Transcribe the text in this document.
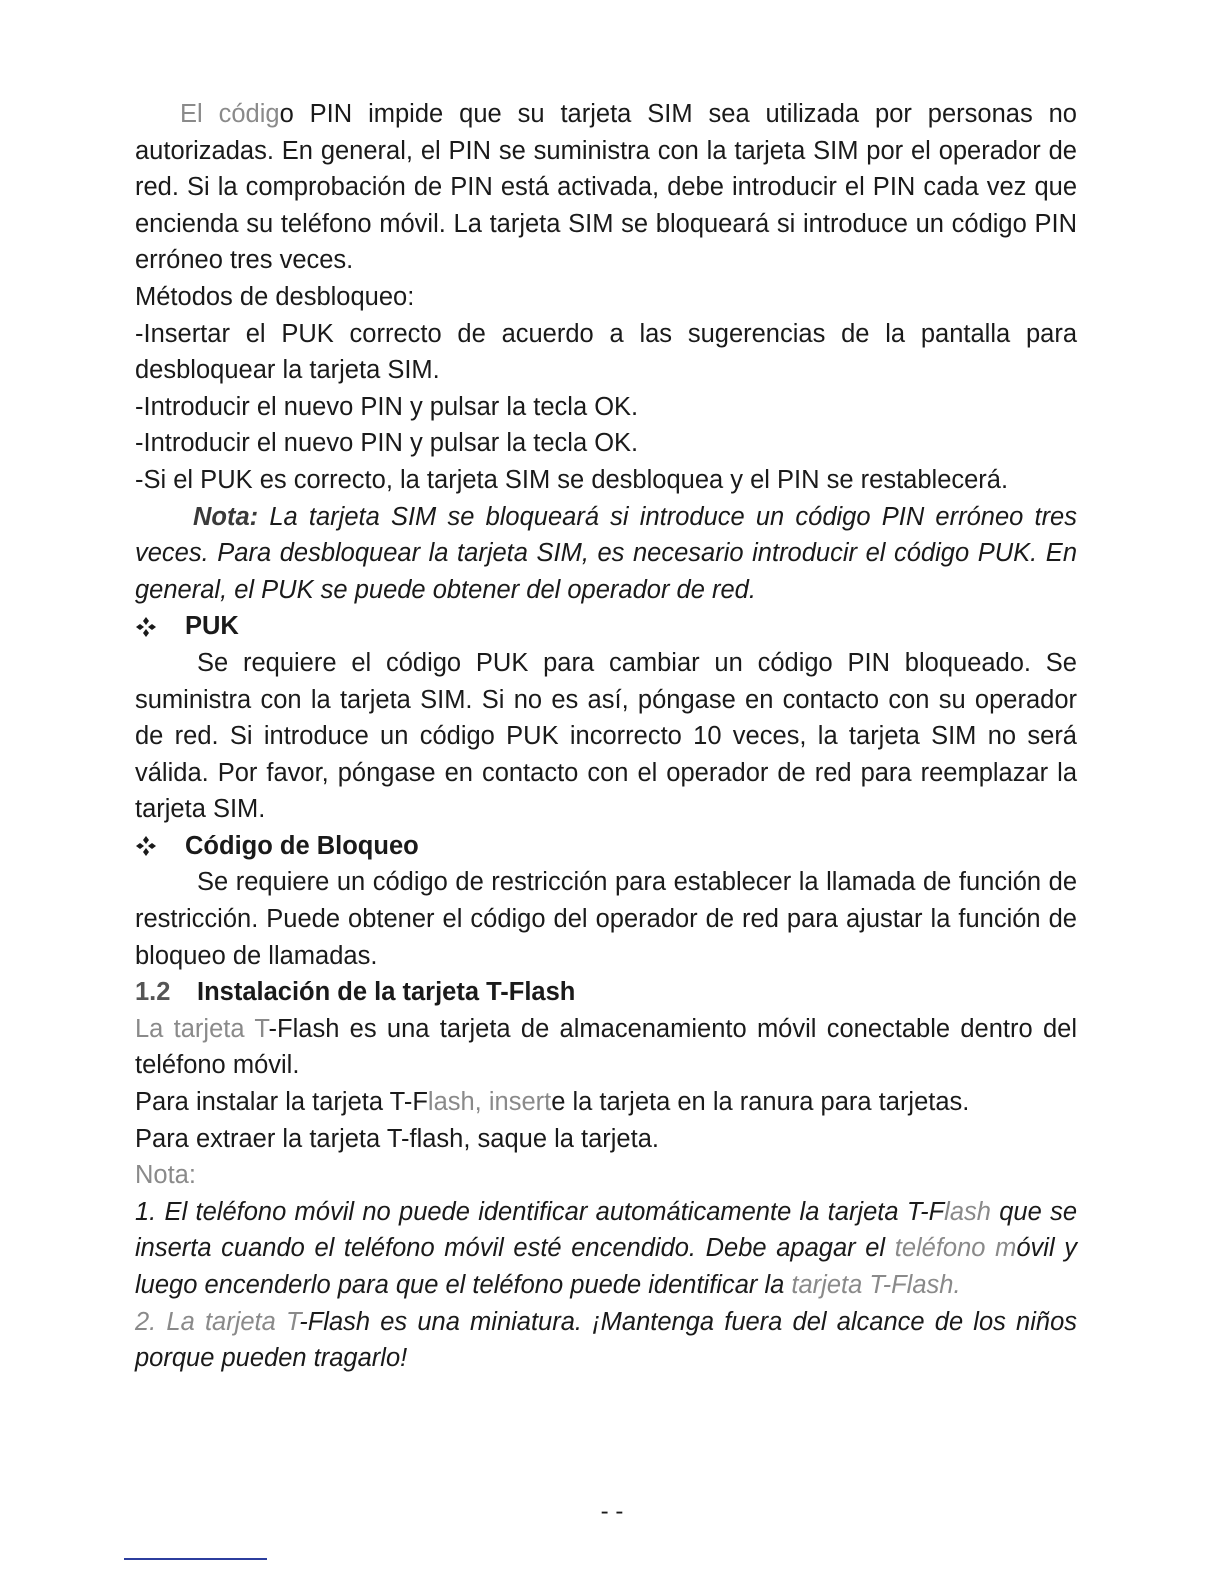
El código PIN impide que su tarjeta SIM sea utilizada por personas no autorizadas. En general, el PIN se suministra con la tarjeta SIM por el operador de red. Si la comprobación de PIN está activada, debe introducir el PIN cada vez que encienda su teléfono móvil. La tarjeta SIM se bloqueará si introduce un código PIN erróneo tres veces.

Métodos de desbloqueo:

-Insertar el PUK correcto de acuerdo a las sugerencias de la pantalla para desbloquear la tarjeta SIM.

-Introducir el nuevo PIN y pulsar la tecla OK.

-Introducir el nuevo PIN y pulsar la tecla OK.

-Si el PUK es correcto, la tarjeta SIM se desbloquea y el PIN se restablecerá.

Nota: La tarjeta SIM se bloqueará si introduce un código PIN erróneo tres veces. Para desbloquear la tarjeta SIM, es necesario introducir el código PUK. En general, el PUK se puede obtener del operador de red.

PUK

Se requiere el código PUK para cambiar un código PIN bloqueado. Se suministra con la tarjeta SIM. Si no es así, póngase en contacto con su operador de red. Si introduce un código PUK incorrecto 10 veces, la tarjeta SIM no será válida. Por favor, póngase en contacto con el operador de red para reemplazar la tarjeta SIM.

Código de Bloqueo

Se requiere un código de restricción para establecer la llamada de función de restricción. Puede obtener el código del operador de red para ajustar la función de bloqueo de llamadas.

1.2	Instalación de la tarjeta T-Flash

La tarjeta T-Flash es una tarjeta de almacenamiento móvil conectable dentro del teléfono móvil.

Para instalar la tarjeta T-Flash, inserte la tarjeta en la ranura para tarjetas.

Para extraer la tarjeta T-flash, saque la tarjeta.

Nota:

1. El teléfono móvil no puede identificar automáticamente la tarjeta T-Flash que se inserta cuando el teléfono móvil esté encendido. Debe apagar el teléfono móvil y luego encenderlo para que el teléfono puede identificar la tarjeta T-Flash.

2. La tarjeta T-Flash es una miniatura. ¡Mantenga fuera del alcance de los niños porque pueden tragarlo!

- -
